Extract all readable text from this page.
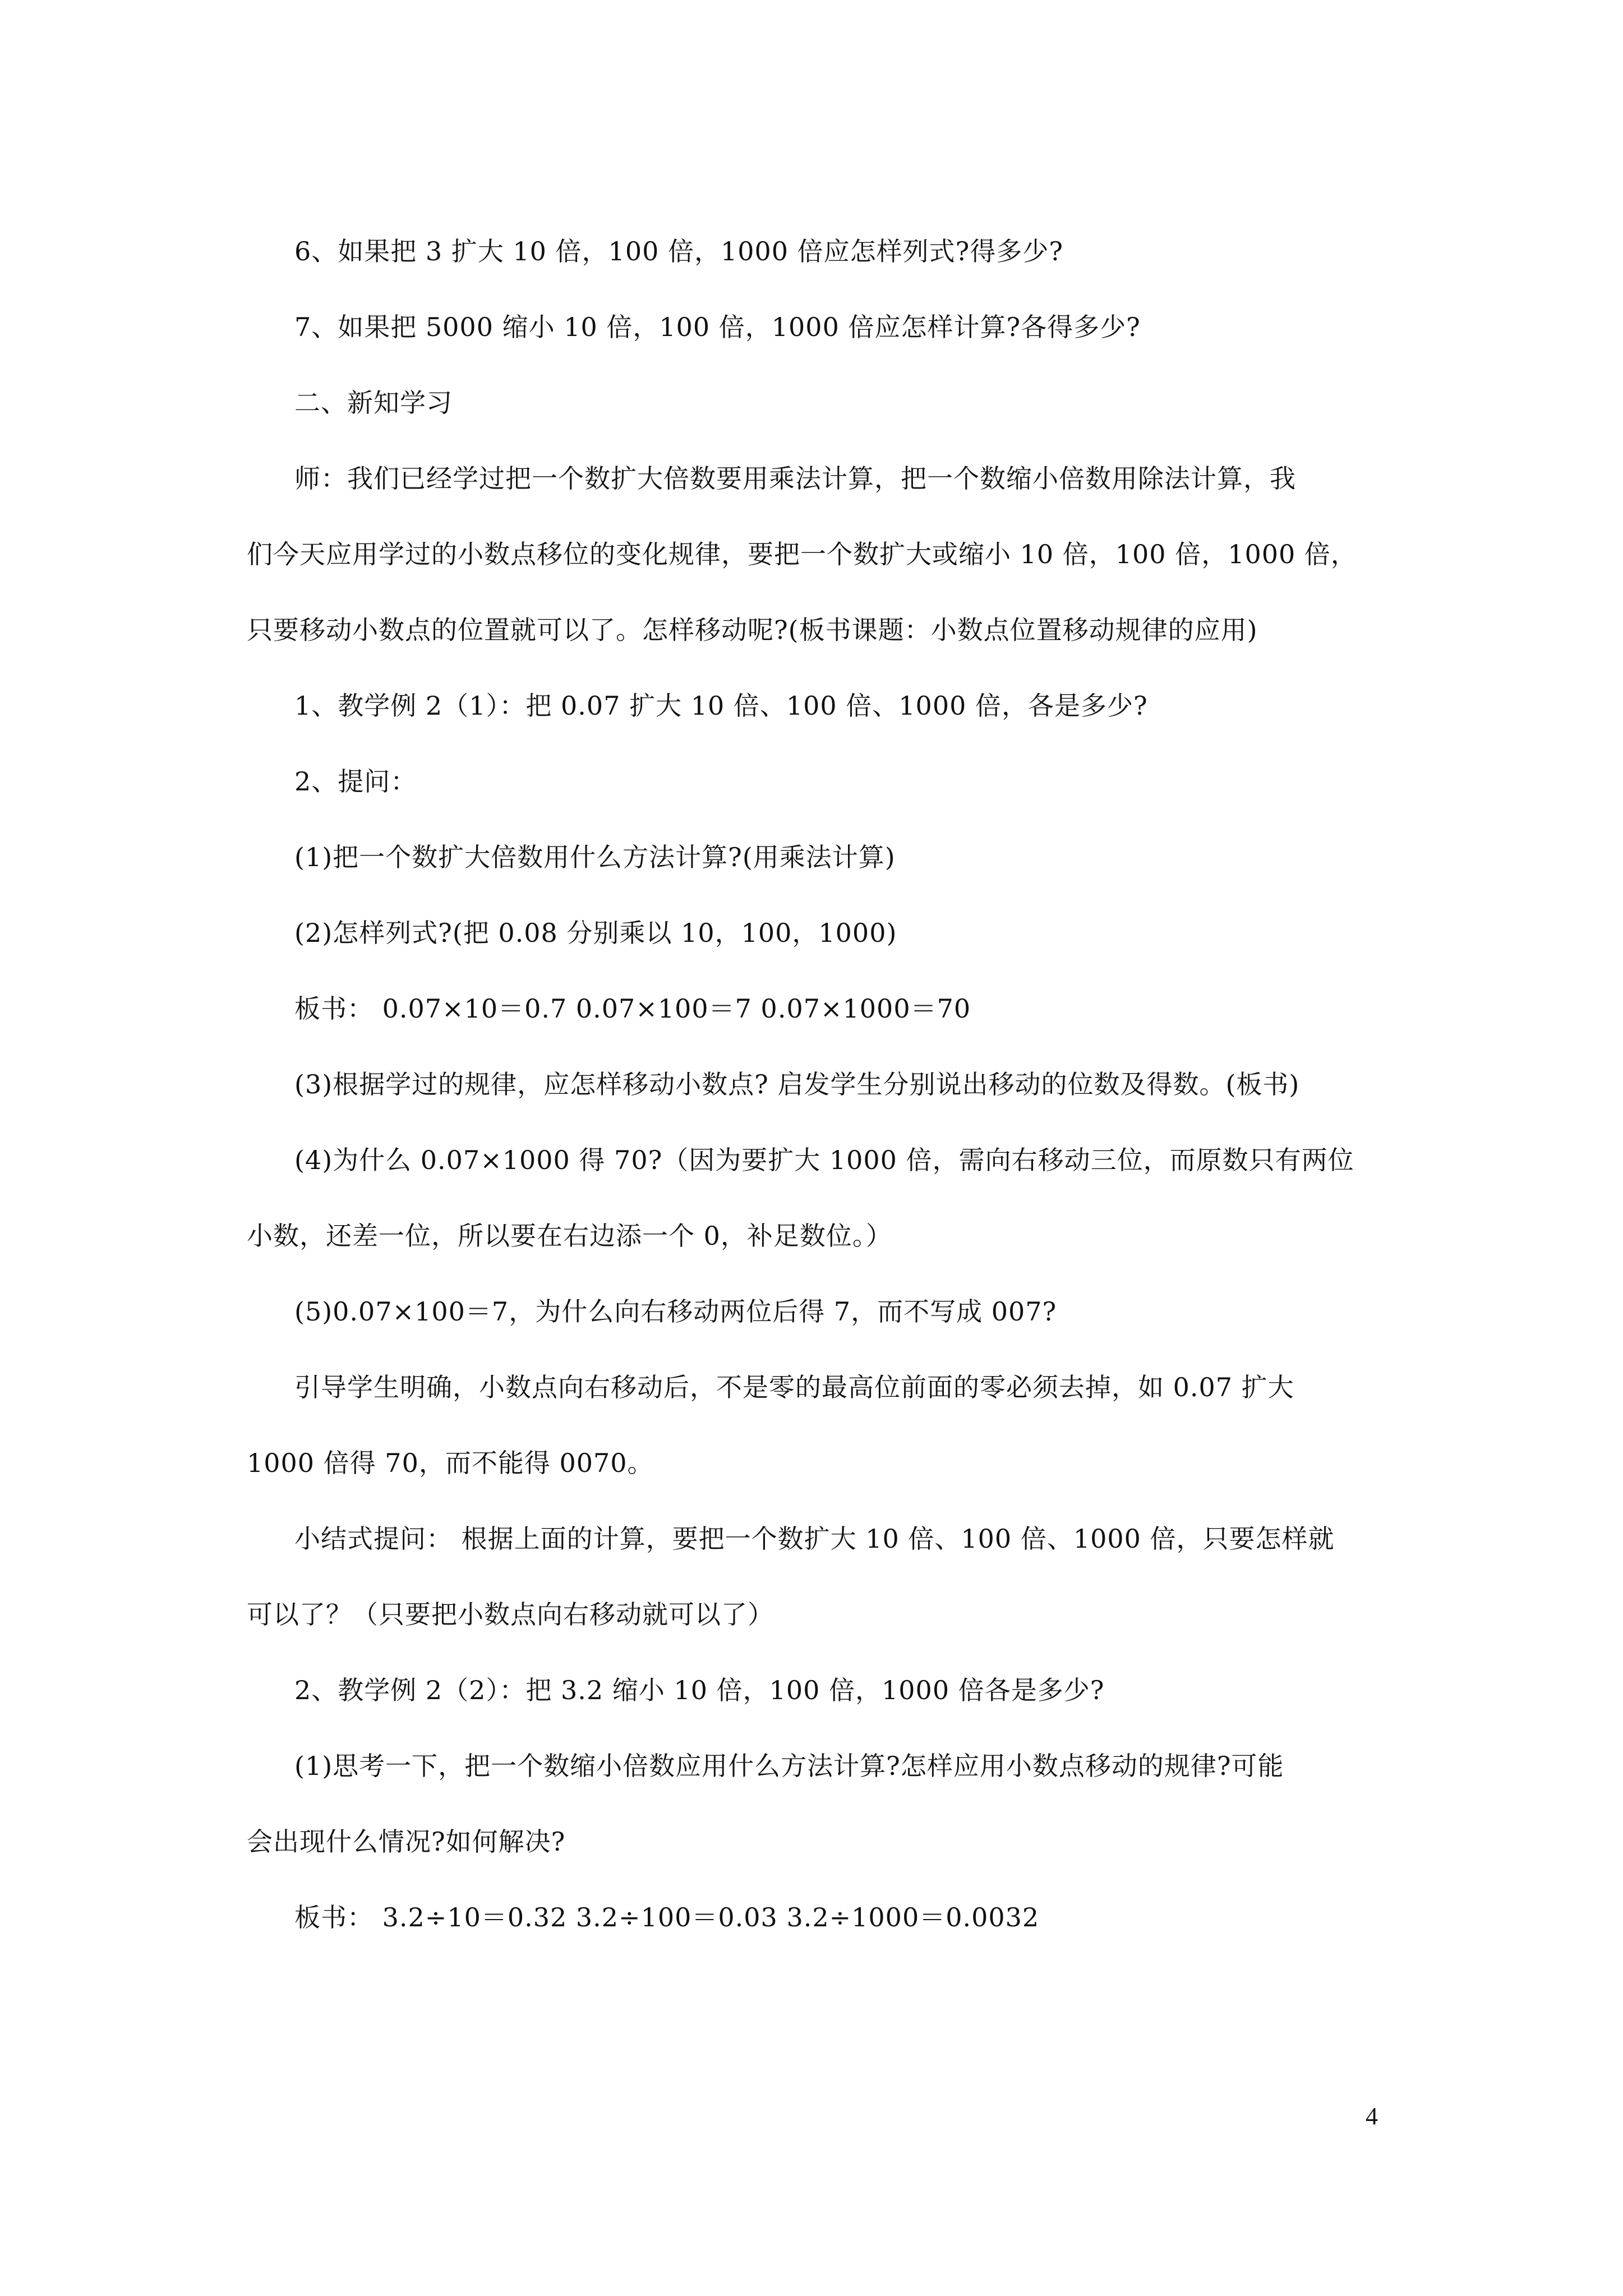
6、如果把 3 扩大 10 倍，100 倍，1000 倍应怎样列式?得多少?
7、如果把 5000 缩小 10 倍，100 倍，1000 倍应怎样计算?各得多少?
二、新知学习
师：我们已经学过把一个数扩大倍数要用乘法计算，把一个数缩小倍数用除法计算，我
们今天应用学过的小数点移位的变化规律，要把一个数扩大或缩小 10 倍，100 倍，1000 倍，
只要移动小数点的位置就可以了。怎样移动呢?(板书课题：小数点位置移动规律的应用)
1、教学例 2（1）：把 0.07 扩大 10 倍、100 倍、1000 倍，各是多少?
2、提问：
(1)把一个数扩大倍数用什么方法计算?(用乘法计算)
(2)怎样列式?(把 0.08 分别乘以 10，100，1000)
板书： 0.07×10＝0.7 0.07×100＝7 0.07×1000＝70
(3)根据学过的规律，应怎样移动小数点? 启发学生分别说出移动的位数及得数。(板书)
(4)为什么 0.07×1000 得 70?（因为要扩大 1000 倍，需向右移动三位，而原数只有两位
小数，还差一位，所以要在右边添一个 0，补足数位。）
(5)0.07×100＝7，为什么向右移动两位后得 7，而不写成 007?
引导学生明确，小数点向右移动后，不是零的最高位前面的零必须去掉，如 0.07 扩大
1000 倍得 70，而不能得 0070。
小结式提问： 根据上面的计算，要把一个数扩大 10 倍、100 倍、1000 倍，只要怎样就
可以了？（只要把小数点向右移动就可以了）
2、教学例 2（2）：把 3.2 缩小 10 倍，100 倍，1000 倍各是多少?
(1)思考一下，把一个数缩小倍数应用什么方法计算?怎样应用小数点移动的规律?可能
会出现什么情况?如何解决?
板书： 3.2÷10＝0.32 3.2÷100＝0.03 3.2÷1000＝0.0032
4
